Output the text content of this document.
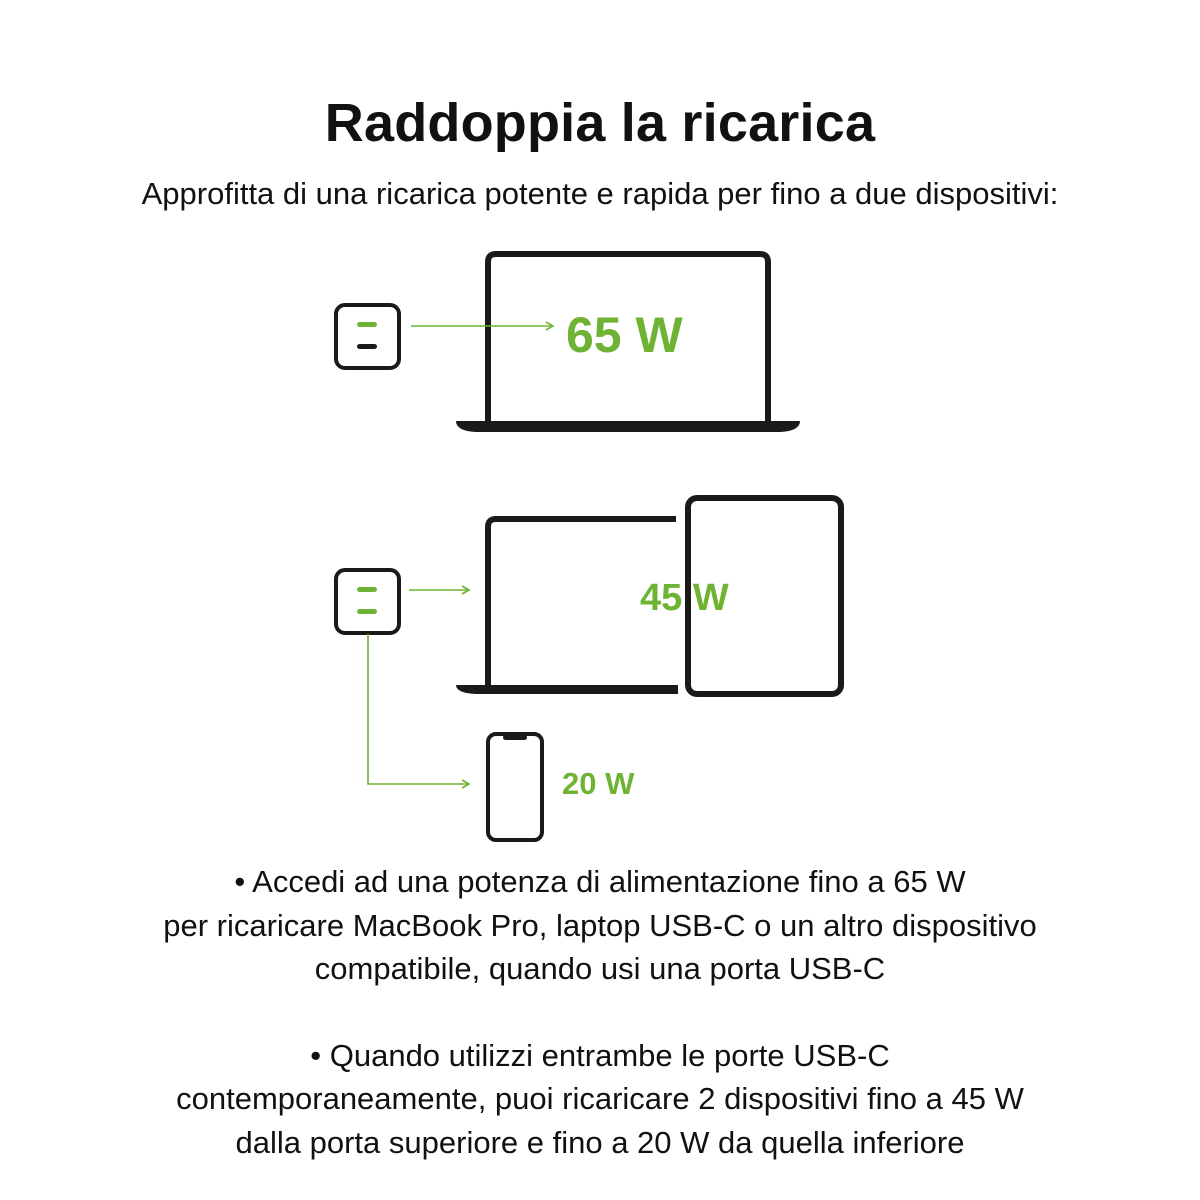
Raddoppia la ricarica

Approfitta di una ricarica potente e rapida per fino a due dispositivi:

65 W
45 W
20 W

• Accedi ad una potenza di alimentazione fino a 65 W
per ricaricare MacBook Pro, laptop USB-C o un altro dispositivo
compatibile, quando usi una porta USB-C

• Quando utilizzi entrambe le porte USB-C
contemporaneamente, puoi ricaricare 2 dispositivi fino a 45 W
dalla porta superiore e fino a 20 W da quella inferiore
